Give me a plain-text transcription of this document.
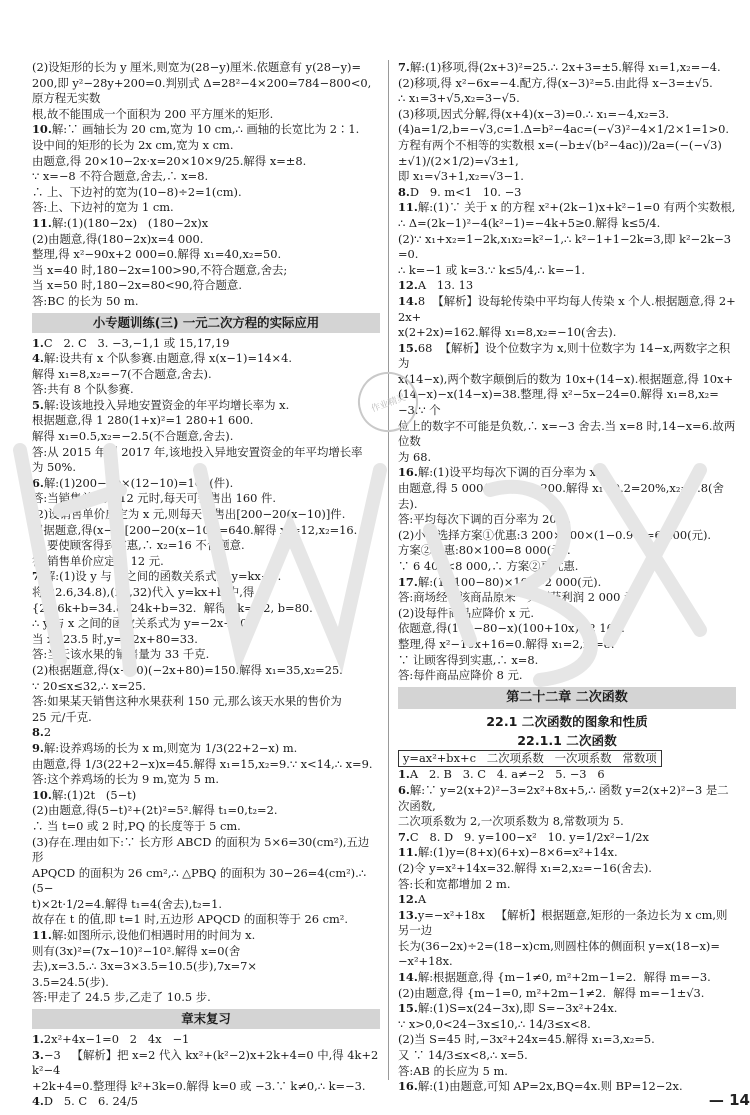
(2)设矩形的长为 y 厘米,则宽为(28−y)厘米.依题意有 y(28−y)=
200,即 y²−28y+200=0.判别式 Δ=28²−4×200=784−800<0,原方程无实数
根,故不能围成一个面积为 200 平方厘米的矩形.
10.解:∵ 画轴长为 20 cm,宽为 10 cm,∴ 画轴的长宽比为 2∶1.
设中间的矩形的长为 2x cm,宽为 x cm.
由题意,得 20×10−2x·x=20×10×9/25.解得 x=±8.
∵ x=−8 不符合题意,舍去,∴ x=8.
∴ 上、下边衬的宽为(10−8)÷2=1(cm).
答:上、下边衬的宽为 1 cm.
11.解:(1)(180−2x)   (180−2x)x
(2)由题意,得(180−2x)x=4 000.
整理,得 x²−90x+2 000=0.解得 x₁=40,x₂=50.
当 x=40 时,180−2x=100>90,不符合题意,舍去;
当 x=50 时,180−2x=80<90,符合题意.
答:BC 的长为 50 m.
小专题训练(三) 一元二次方程的实际应用
1.C   2. C   3. −3,−1,1 或 15,17,19
4.解:设共有 x 个队参赛.由题意,得 x(x−1)=14×4.
解得 x₁=8,x₂=−7(不合题意,舍去).
答:共有 8 个队参赛.
5.解:设该地投入异地安置资金的年平均增长率为 x.
根据题意,得 1 280(1+x)²=1 280+1 600.
解得 x₁=0.5,x₂=−2.5(不合题意,舍去).
答:从 2015 年到 2017 年,该地投入异地安置资金的年平均增长率
为 50%.
6.解:(1)200−20×(12−10)=160(件).
答:当销售单价为 12 元时,每天可销售出 160 件.
(2)设销售单价应定为 x 元,则每天可售出[200−20(x−10)]件.
根据题意,得(x−8)[200−20(x−10)]=640.解得 x₁=12,x₂=16.
∵ 要使顾客得到实惠,∴ x₂=16 不合题意.
答:销售单价应定为 12 元.
7.解:(1)设 y 与 x 之间的函数关系式为 y=kx+b.
将(22.6,34.8),(24,32)代入 y=kx+b 中,得
{22.6k+b=34.8, 24k+b=32.  解得 {k=−2, b=80.
∴ y 与 x 之间的函数关系式为 y=−2x+80.
当 x=23.5 时,y=−2x+80=33.
答:当天该水果的销售量为 33 千克.
(2)根据题意,得(x−20)(−2x+80)=150.解得 x₁=35,x₂=25.
∵ 20≤x≤32,∴ x=25.
答:如果某天销售这种水果获利 150 元,那么该天水果的售价为
25 元/千克.
8.2
9.解:设养鸡场的长为 x m,则宽为 1/3(22+2−x) m.
由题意,得 1/3(22+2−x)x=45.解得 x₁=15,x₂=9.∵ x<14,∴ x=9.
答:这个养鸡场的长为 9 m,宽为 5 m.
10.解:(1)2t   (5−t)
(2)由题意,得(5−t)²+(2t)²=5².解得 t₁=0,t₂=2.
∴ 当 t=0 或 2 时,PQ 的长度等于 5 cm.
(3)存在.理由如下:∵ 长方形 ABCD 的面积为 5×6=30(cm²),五边形
APQCD 的面积为 26 cm²,∴ △PBQ 的面积为 30−26=4(cm²).∴ (5−
t)×2t·1/2=4.解得 t₁=4(舍去),t₂=1.
故存在 t 的值,即 t=1 时,五边形 APQCD 的面积等于 26 cm².
11.解:如图所示,设他们相遇时用的时间为 x.
则有(3x)²=(7x−10)²−10².解得 x=0(舍
去),x=3.5.∴ 3x=3×3.5=10.5(步),7x=7×
3.5=24.5(步).
答:甲走了 24.5 步,乙走了 10.5 步.
章末复习
1.2x²+4x−1=0   2   4x   −1
3.−3   【解析】把 x=2 代入 kx²+(k²−2)x+2k+4=0 中,得 4k+2k²−4
+2k+4=0.整理得 k²+3k=0.解得 k=0 或 −3.∵ k≠0,∴ k=−3.
4.D   5. C   6. 24/5
7.解:(1)移项,得(2x+3)²=25.∴ 2x+3=±5.解得 x₁=1,x₂=−4.
(2)移项,得 x²−6x=−4.配方,得(x−3)²=5.由此得 x−3=±√5.
∴ x₁=3+√5,x₂=3−√5.
(3)移项,因式分解,得(x+4)(x−3)=0.∴ x₁=−4,x₂=3.
(4)a=1/2,b=−√3,c=1.Δ=b²−4ac=(−√3)²−4×1/2×1=1>0.
方程有两个不相等的实数根 x=(−b±√(b²−4ac))/2a=(−(−√3)±√1)/(2×1/2)=√3±1,
即 x₁=√3+1,x₂=√3−1.
8.D   9. m<1   10. −3
11.解:(1)∵ 关于 x 的方程 x²+(2k−1)x+k²−1=0 有两个实数根,
∴ Δ=(2k−1)²−4(k²−1)=−4k+5≥0.解得 k≤5/4.
(2)∵ x₁+x₂=1−2k,x₁x₂=k²−1,∴ k²−1+1−2k=3,即 k²−2k−3=0.
∴ k=−1 或 k=3.∵ k≤5/4,∴ k=−1.
12.A   13. 13
14.8  【解析】设每轮传染中平均每人传染 x 个人.根据题意,得 2+2x+
x(2+2x)=162.解得 x₁=8,x₂=−10(舍去).
15.68  【解析】设个位数字为 x,则十位数字为 14−x,两数字之积为
x(14−x),两个数字颠倒后的数为 10x+(14−x).根据题意,得 10x+
(14−x)−x(14−x)=38.整理,得 x²−5x−24=0.解得 x₁=8,x₂=−3.∵ 个
位上的数字不可能是负数,∴ x=−3 舍去.当 x=8 时,14−x=6.故两位数
为 68.
16.解:(1)设平均每次下调的百分率为 x.
由题意,得 5 000(1−x)²=3 200.解得 x₁=0.2=20%,x₂=1.8(舍去).
答:平均每次下调的百分率为 20%.
(2)小华选择方案①优惠:3 200×100×(1−0.98)=6 400(元).
方案②优惠:80×100=8 000(元).
∵ 6 400<8 000,∴ 方案②更优惠.
17.解:(1)(100−80)×100=2 000(元).
答:商场经营该商品原来一天可获利润 2 000 元.
(2)设每件商品应降价 x 元.
依题意,得(100−80−x)(100+10x)=2 160.
整理,得 x²−10x+16=0.解得 x₁=2,x₂=8.
∵ 让顾客得到实惠,∴ x=8.
答:每件商品应降价 8 元.
第二十二章 二次函数
22.1 二次函数的图象和性质
22.1.1 二次函数
y=ax²+bx+c   二次项系数   一次项系数   常数项
1.A   2. B   3. C   4. a≠−2   5. −3   6
6.解:∵ y=2(x+2)²−3=2x²+8x+5,∴ 函数 y=2(x+2)²−3 是二次函数,
二次项系数为 2,一次项系数为 8,常数项为 5.
7.C   8. D   9. y=100−x²   10. y=1/2x²−1/2x
11.解:(1)y=(8+x)(6+x)−8×6=x²+14x.
(2)令 y=x²+14x=32.解得 x₁=2,x₂=−16(舍去).
答:长和宽都增加 2 m.
12.A
13.y=−x²+18x   【解析】根据题意,矩形的一条边长为 x cm,则另一边
长为(36−2x)÷2=(18−x)cm,则圆柱体的侧面积 y=x(18−x)=
−x²+18x.
14.解:根据题意,得 {m−1≠0, m²+2m−1=2.  解得 m=−3.
(2)由题意,得 {m−1=0, m²+2m−1≠2.  解得 m=−1±√3.
15.解:(1)S=x(24−3x),即 S=−3x²+24x.
∵ x>0,0<24−3x≤10,∴ 14/3≤x<8.
(2)当 S=45 时,−3x²+24x=45.解得 x₁=3,x₂=5.
又 ∵ 14/3≤x<8,∴ x=5.
答:AB 的长应为 5 m.
16.解:(1)由题意,可知 AP=2x,BQ=4x.则 BP=12−2x.
作业精灵
— 14
